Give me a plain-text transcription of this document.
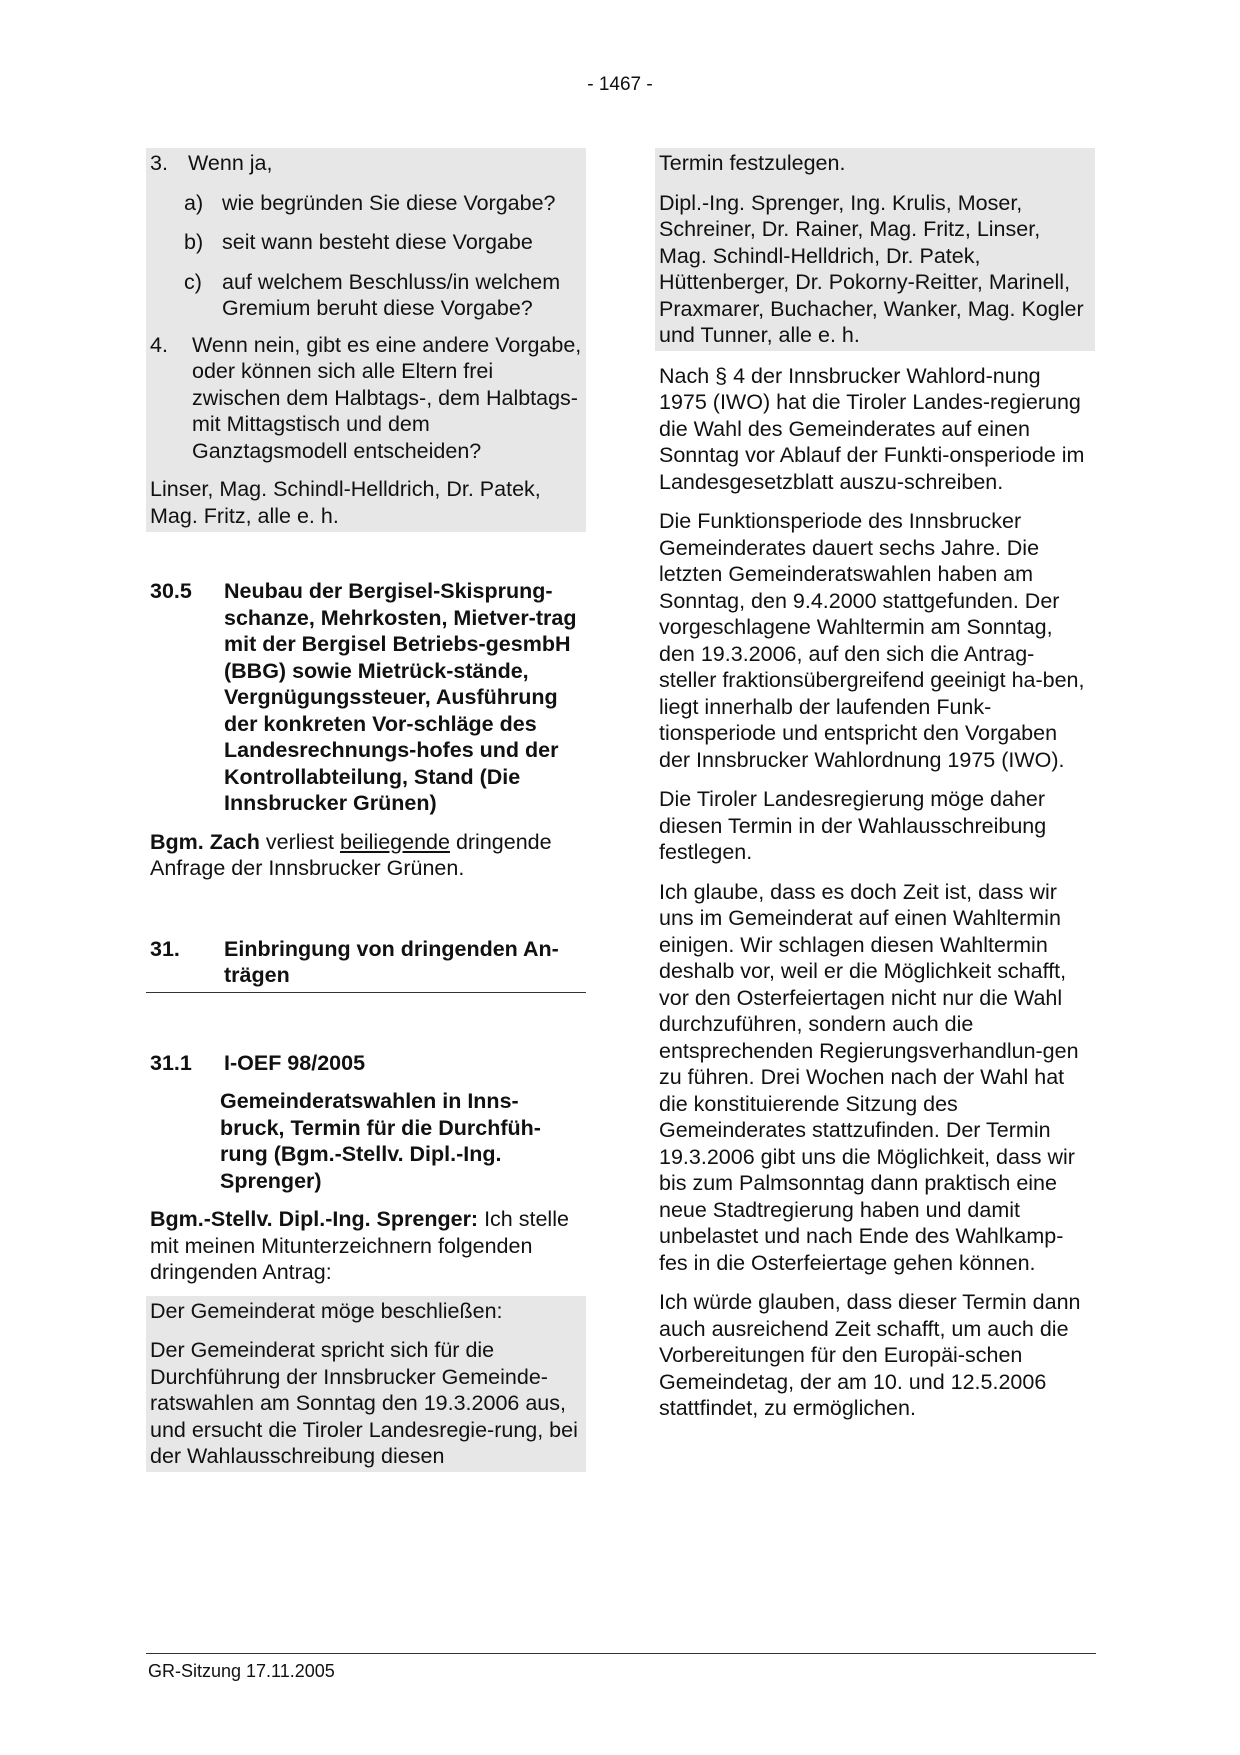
- 1467 -
3. Wenn ja,
a) wie begründen Sie diese Vorgabe?
b) seit wann besteht diese Vorgabe
c) auf welchem Beschluss/in welchem Gremium beruht diese Vorgabe?
4.	Wenn nein, gibt es eine andere Vorgabe, oder können sich alle Eltern frei zwischen dem Halbtags-, dem Halbtags- mit Mittagstisch und dem Ganztagsmodell entscheiden?

Linser, Mag. Schindl-Helldrich, Dr. Patek, Mag. Fritz, alle e. h.

30.5	Neubau der Bergisel-Skisprung-schanze, Mehrkosten, Mietver-trag mit der Bergisel Betriebs-gesmbH (BBG) sowie Mietrück-stände, Vergnügungssteuer, Ausführung der konkreten Vor-schläge des Landesrechnungs-hofes und der Kontrollabteilung, Stand (Die Innsbrucker Grünen)

Bgm. Zach verliest beiliegende dringende Anfrage der Innsbrucker Grünen.

31.	Einbringung von dringenden An-trägen
31.1	I-OEF 98/2005
Gemeinderatswahlen in Inns-bruck, Termin für die Durchfüh-rung (Bgm.-Stellv. Dipl.-Ing. Sprenger)

Bgm.-Stellv. Dipl.-Ing. Sprenger: Ich stelle mit meinen Mitunterzeichnern folgenden dringenden Antrag:

Der Gemeinderat möge beschließen:

Der Gemeinderat spricht sich für die Durchführung der Innsbrucker Gemeinde-ratswahlen am Sonntag den 19.3.2006 aus, und ersucht die Tiroler Landesregie-rung, bei der Wahlausschreibung diesen

Termin festzulegen.

Dipl.-Ing. Sprenger, Ing. Krulis, Moser, Schreiner, Dr. Rainer, Mag. Fritz, Linser, Mag. Schindl-Helldrich, Dr. Patek, Hüttenberger, Dr. Pokorny-Reitter, Marinell, Praxmarer, Buchacher, Wanker, Mag. Kogler und Tunner, alle e. h.

Nach § 4 der Innsbrucker Wahlord-nung 1975 (IWO) hat die Tiroler Landes-regierung die Wahl des Gemeinderates auf einen Sonntag vor Ablauf der Funkti-onsperiode im Landesgesetzblatt auszu-schreiben.

Die Funktionsperiode des Innsbrucker Gemeinderates dauert sechs Jahre. Die letzten Gemeinderatswahlen haben am Sonntag, den 9.4.2000 stattgefunden. Der vorgeschlagene Wahltermin am Sonntag, den 19.3.2006, auf den sich die Antrag-steller fraktionsübergreifend geeinigt ha-ben, liegt innerhalb der laufenden Funk-tionsperiode und entspricht den Vorgaben der Innsbrucker Wahlordnung 1975 (IWO).

Die Tiroler Landesregierung möge daher diesen Termin in der Wahlausschreibung festlegen.

Ich glaube, dass es doch Zeit ist, dass wir uns im Gemeinderat auf einen Wahltermin einigen. Wir schlagen diesen Wahltermin deshalb vor, weil er die Möglichkeit schafft, vor den Osterfeiertagen nicht nur die Wahl durchzuführen, sondern auch die entsprechenden Regierungsverhandlun-gen zu führen. Drei Wochen nach der Wahl hat die konstituierende Sitzung des Gemeinderates stattzufinden. Der Termin 19.3.2006 gibt uns die Möglichkeit, dass wir bis zum Palmsonntag dann praktisch eine neue Stadtregierung haben und damit unbelastet und nach Ende des Wahlkamp-fes in die Osterfeiertage gehen können.

Ich würde glauben, dass dieser Termin dann auch ausreichend Zeit schafft, um auch die Vorbereitungen für den Europäi-schen Gemeindetag, der am 10. und 12.5.2006 stattfindet, zu ermöglichen.

GR-Sitzung 17.11.2005
